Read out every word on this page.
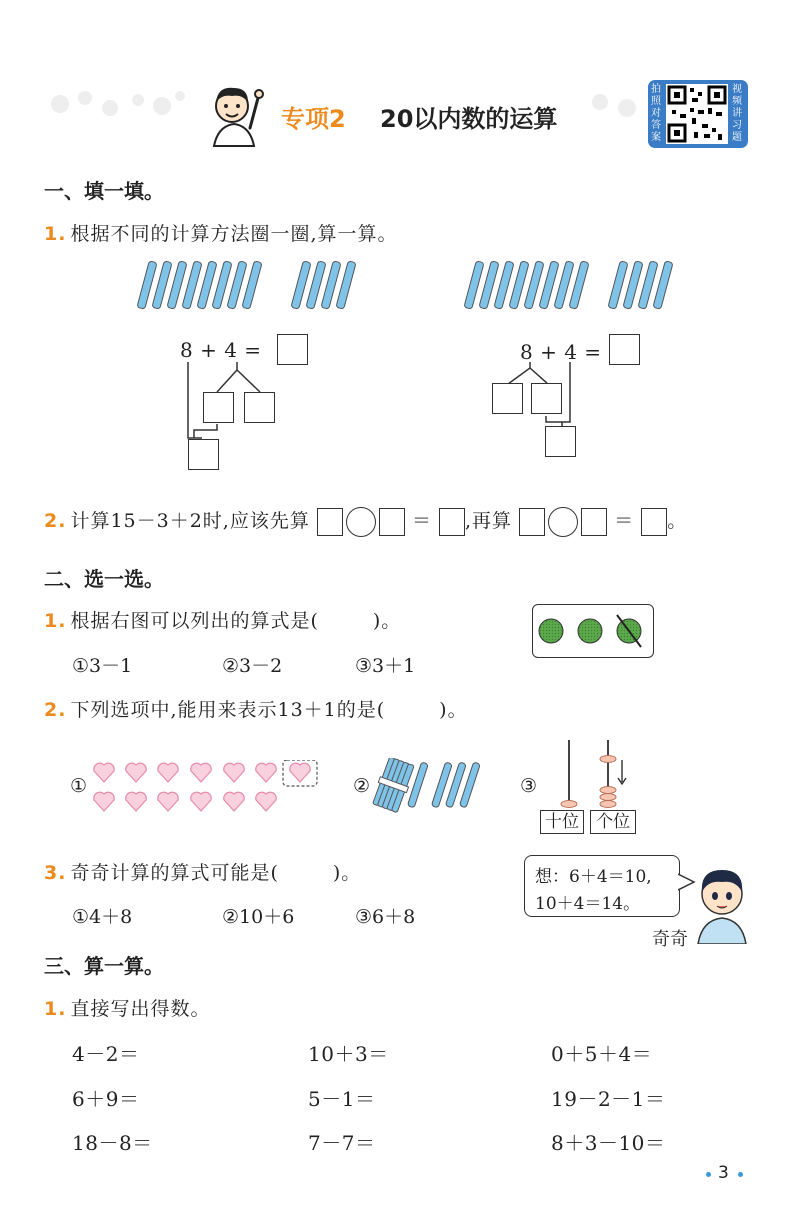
专项2 20以内数的运算
拍照对答案
视频讲习题
一、填一填。
1. 根据不同的计算方法圈一圈,算一算。
8 + 4 =	8 + 4 =
2. 计算15－3＋2时,应该先算	＝ ,再算	＝ 。
二、选一选。
1. 根据右图可以列出的算式是(	)。
①3－1	②3－2	③3＋1
2. 下列选项中,能用来表示13＋1的是(	)。
①	②	③
十位	个位
3. 奇奇计算的算式可能是(	)。
①4＋8	②10＋6	③6＋8
想：6＋4＝10,
10＋4＝14。
奇奇
三、算一算。
1. 直接写出得数。
4－2＝	10＋3＝	0＋5＋4＝
6＋9＝	5－1＝	19－2－1＝
18－8＝	7－7＝	8＋3－10＝
3
